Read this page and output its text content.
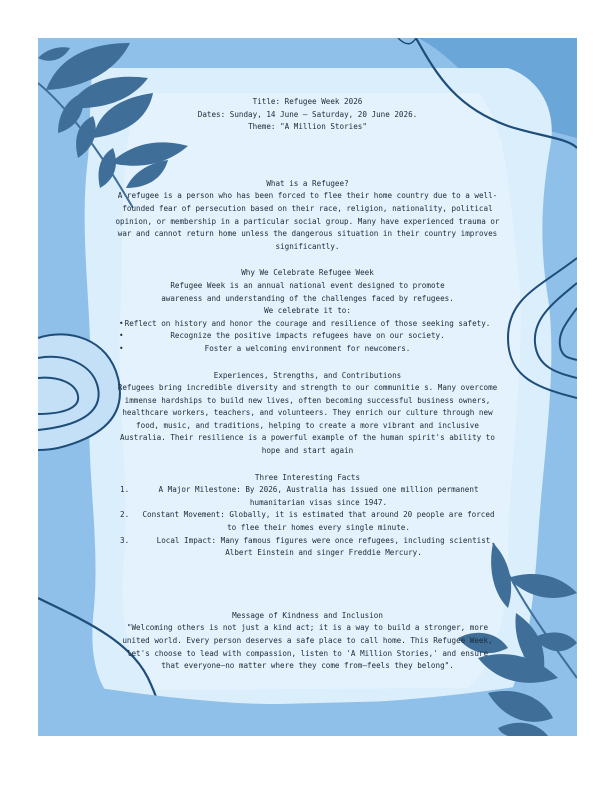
Title: Refugee Week 2026

Dates: Sunday, 14 June – Saturday, 20 June 2026.

Theme: "A Million Stories"

What is a Refugee?

A refugee is a person who has been forced to flee their home country due to a well-founded fear of persecution based on their race, religion, nationality, political opinion, or membership in a particular social group. Many have experienced trauma or war and cannot return home unless the dangerous situation in their country improves significantly.

Why We Celebrate Refugee Week

Refugee Week is an annual national event designed to promote awareness and understanding of the challenges faced by refugees. We celebrate it to:

• Reflect on history and honor the courage and resilience of those seeking safety.
•	Recognize the positive impacts refugees have on our society.
•	Foster a welcoming environment for newcomers.

Experiences, Strengths, and Contributions

Refugees bring incredible diversity and strength to our communitie s. Many overcome immense hardships to build new lives, often becoming successful business owners, healthcare workers, teachers, and volunteers. They enrich our culture through new food, music, and traditions, helping to create a more vibrant and inclusive Australia. Their resilience is a powerful example of the human spirit's ability to hope and start again

Three Interesting Facts

1.	A Major Milestone: By 2026, Australia has issued one million permanent humanitarian visas since 1947.
2. Constant Movement: Globally, it is estimated that around 20 people are forced to flee their homes every single minute.
3.	Local Impact: Many famous figures were once refugees, including scientist Albert Einstein and singer Freddie Mercury.

Message of Kindness and Inclusion

"Welcoming others is not just a kind act; it is a way to build a stronger, more united world. Every person deserves a safe place to call home. This Refugee Week, let's choose to lead with compassion, listen to 'A Million Stories,' and ensure that everyone—no matter where they come from—feels they belong".
